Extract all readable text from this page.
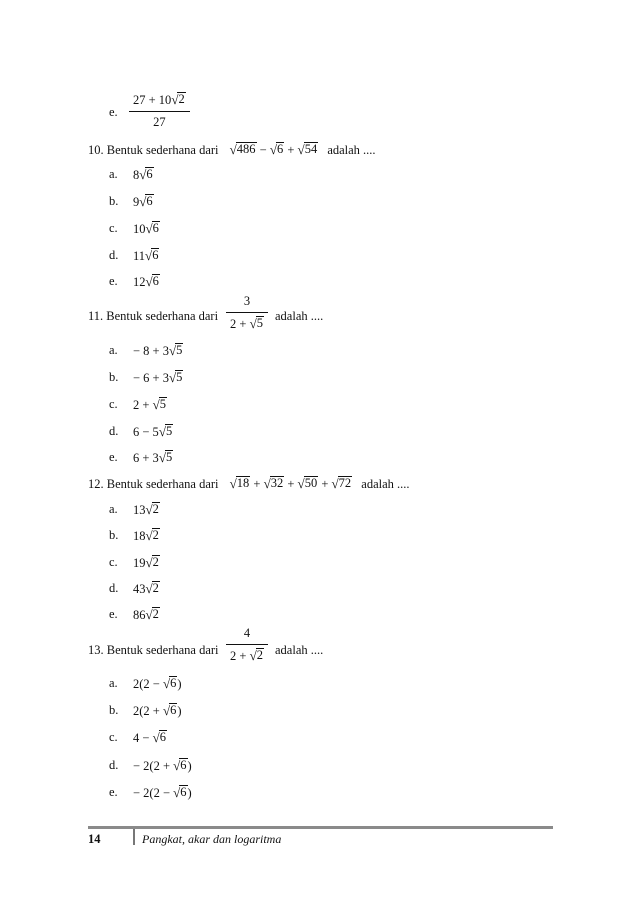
e.
27 + 10 √ 2
27
10. Bentuk sederhana dari √ 486 − √ 6 + √ 54 adalah ....
a.	8 √ 6
b.	9 √ 6
c.	10 √ 6
d.	11 √ 6
e.	12 √ 6
11. Bentuk sederhana dari
3
2 + √ 5 adalah ....
a.	− 8 + 3 √ 5
b.	− 6 + 3 √ 5
c.	2 + √ 5
d.	6 − 5 √ 5
e.	6 + 3 √ 5
12. Bentuk sederhana dari √ 18 + √ 32 + √ 50 + √ 72 adalah ....
a.	13 √ 2
b.	18 √ 2
c.	19 √ 2
d.	43 √ 2
e.	86 √ 2
13. Bentuk sederhana dari
4
2 + √ 2 adalah ....
a.	2(2 − √ 6 )
b.	2(2 + √ 6 )
c.	4 − √ 6
d.	− 2(2 + √ 6 )
e.	− 2(2 − √ 6 )
14	Pangkat, akar dan logaritma
